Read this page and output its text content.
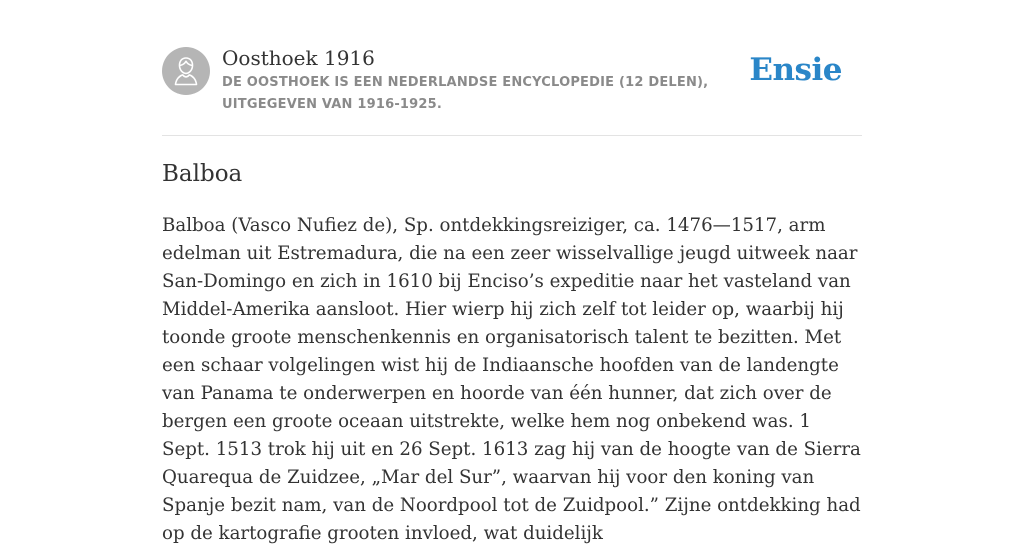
Oosthoek 1916
DE OOSTHOEK IS EEN NEDERLANDSE ENCYCLOPEDIE (12 DELEN), UITGEGEVEN VAN 1916-1925.
Ensie
Balboa

Balboa (Vasco Nufiez de), Sp. ontdekkingsreiziger, ca. 1476—1517, arm edelman uit Estremadura, die na een zeer wisselvallige jeugd uitweek naar San-Domingo en zich in 1610 bij Enciso’s expeditie naar het vasteland van Middel-Amerika aansloot. Hier wierp hij zich zelf tot leider op, waarbij hij toonde groote menschenkennis en organisatorisch talent te bezitten. Met een schaar volgelingen wist hij de Indiaansche hoofden van de landengte van Panama te onderwerpen en hoorde van één hunner, dat zich over de bergen een groote oceaan uitstrekte, welke hem nog onbekend was. 1 Sept. 1513 trok hij uit en 26 Sept. 1613 zag hij van de hoogte van de Sierra Quarequa de Zuidzee, „Mar del Sur”, waarvan hij voor den koning van Spanje bezit nam, van de Noordpool tot de Zuidpool.” Zijne ontdekking had op de kartografie grooten invloed, wat duidelijk
